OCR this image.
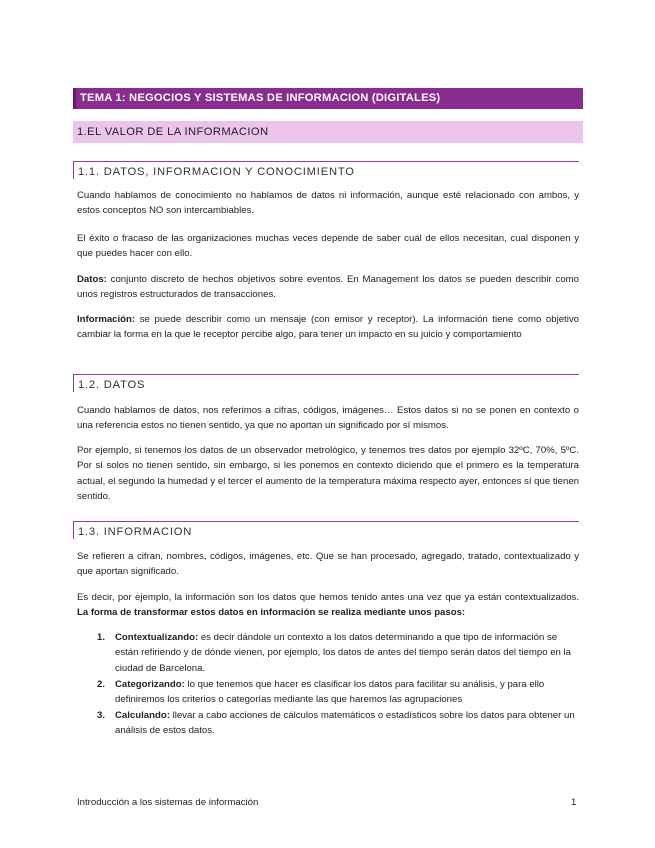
TEMA 1: NEGOCIOS Y SISTEMAS DE INFORMACION (DIGITALES)
1.EL VALOR DE LA INFORMACION
1.1. DATOS, INFORMACION Y CONOCIMIENTO

Cuando hablamos de conocimiento no hablamos de datos ni información, aunque esté relacionado con ambos, y estos conceptos NO son intercambiables.

El éxito o fracaso de las organizaciones muchas veces depende de saber cuál de ellos necesitan, cual disponen y que puedes hacer con ello.

Datos: conjunto discreto de hechos objetivos sobre eventos. En Management los datos se pueden describir como unos registros estructurados de transacciones.

Información: se puede describir como un mensaje (con emisor y receptor). La información tiene como objetivo cambiar la forma en la que le receptor percibe algo, para tener un impacto en su juicio y comportamiento

1.2. DATOS

Cuando hablamos de datos, nos referimos a cifras, códigos, imágenes… Estos datos si no se ponen en contexto o una referencia estos no tienen sentido, ya que no aportan un significado por sí mismos.

Por ejemplo, si tenemos los datos de un observador metrológico, y tenemos tres datos por ejemplo 32ºC, 70%, 5ºC. Por sí solos no tienen sentido, sin embargo, si les ponemos en contexto diciendo que el primero es la temperatura actual, el segundo la humedad y el tercer el aumento de la temperatura máxima respecto ayer, entonces sí que tienen sentido.

1.3. INFORMACION

Se refieren a cifran, nombres, códigos, imágenes, etc. Que se han procesado, agregado, tratado, contextualizado y que aportan significado.

Es decir, por ejemplo, la información son los datos que hemos tenido antes una vez que ya están contextualizados. La forma de transformar estos datos en información se realiza mediante unos pasos:

1. Contextualizando: es decir dándole un contexto a los datos determinando a que tipo de información se están refiriendo y de dónde vienen, por ejemplo, los datos de antes del tiempo serán datos del tiempo en la ciudad de Barcelona.
2. Categorizando: lo que tenemos que hacer es clasificar los datos para facilitar su análisis, y para ello definiremos los criterios o categorías mediante las que haremos las agrupaciones
3. Calculando: llevar a cabo acciones de cálculos matemáticos o estadísticos sobre los datos para obtener un análisis de estos datos.
Introducción a los sistemas de información	1
